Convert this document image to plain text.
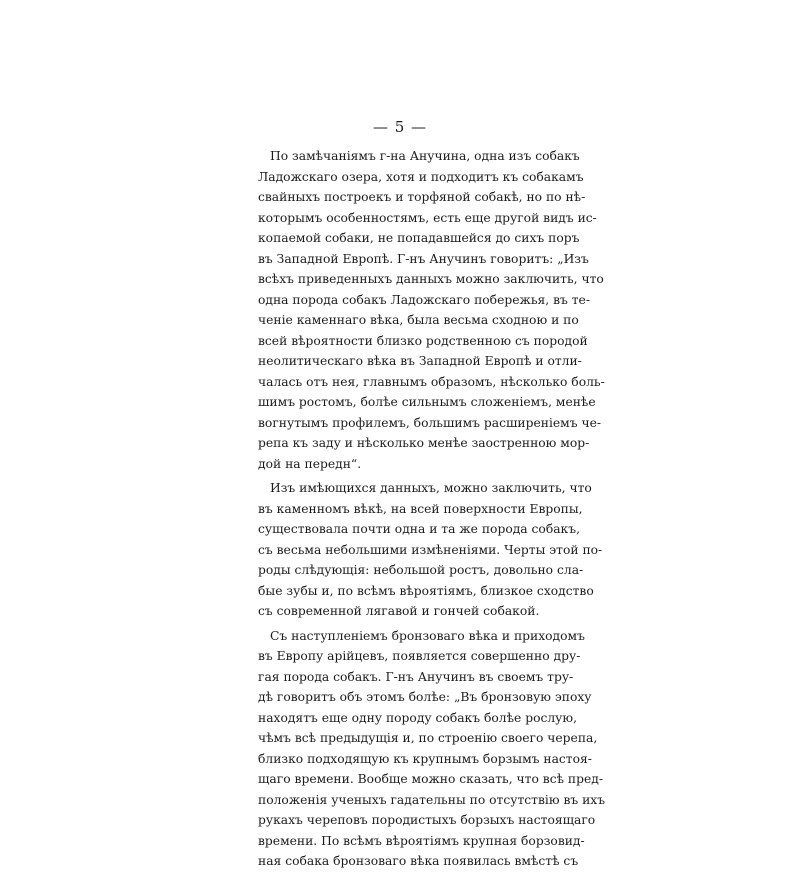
— 5 —
По замѣчанiямъ г-на Анучина, одна изъ собакъ
Ладожскаго озера, хотя и подходитъ къ собакамъ
свайныхъ построекъ и торфяной собакѣ, но по нѣ-
которымъ особенностямъ, есть еще другой видъ ис-
копаемой собаки, не попадавшейся до сихъ поръ
въ Западной Европѣ. Г-нъ Анучинъ говоритъ: „Изъ
всѣхъ приведенныхъ данныхъ можно заключить, что
одна порода собакъ Ладожскаго побережья, въ те-
ченiе каменнаго вѣка, была весьма сходною и по
всей вѣроятности близко родственною съ породой
неолитическаго вѣка въ Западной Европѣ и отли-
чалась отъ нея, главнымъ образомъ, нѣсколько боль-
шимъ ростомъ, болѣе сильнымъ сложенiемъ, менѣе
вогнутымъ профилемъ, большимъ расширенiемъ че-
репа къ заду и нѣсколько менѣе заостренною мор-
дой на передн“.
Изъ имѣющихся данныхъ, можно заключить, что
въ каменномъ вѣкѣ, на всей поверхности Европы,
существовала почти одна и та же порода собакъ,
съ весьма небольшими измѣненiями. Черты этой по-
роды слѣдующiя: небольшой ростъ, довольно сла-
бые зубы и, по всѣмъ вѣроятiямъ, близкое сходство
съ современной лягавой и гончей собакой.
Съ наступленiемъ бронзоваго вѣка и приходомъ
въ Европу арiйцевъ, появляется совершенно дру-
гая порода собакъ. Г-нъ Анучинъ въ своемъ тру-
дѣ говоритъ объ этомъ болѣе: „Въ бронзовую эпоху
находятъ еще одну породу собакъ болѣе рослую,
чѣмъ всѣ предыдущiя и, по строенiю своего черепа,
близко подходящую къ крупнымъ борзымъ настоя-
щаго времени. Вообще можно сказать, что всѣ пред-
положенiя ученыхъ гадательны по отсутствiю въ ихъ
рукахъ череповъ породистыхъ борзыхъ настоящаго
времени. По всѣмъ вѣроятiямъ крупная борзовид-
ная собака бронзоваго вѣка появилась вмѣстѣ съ
